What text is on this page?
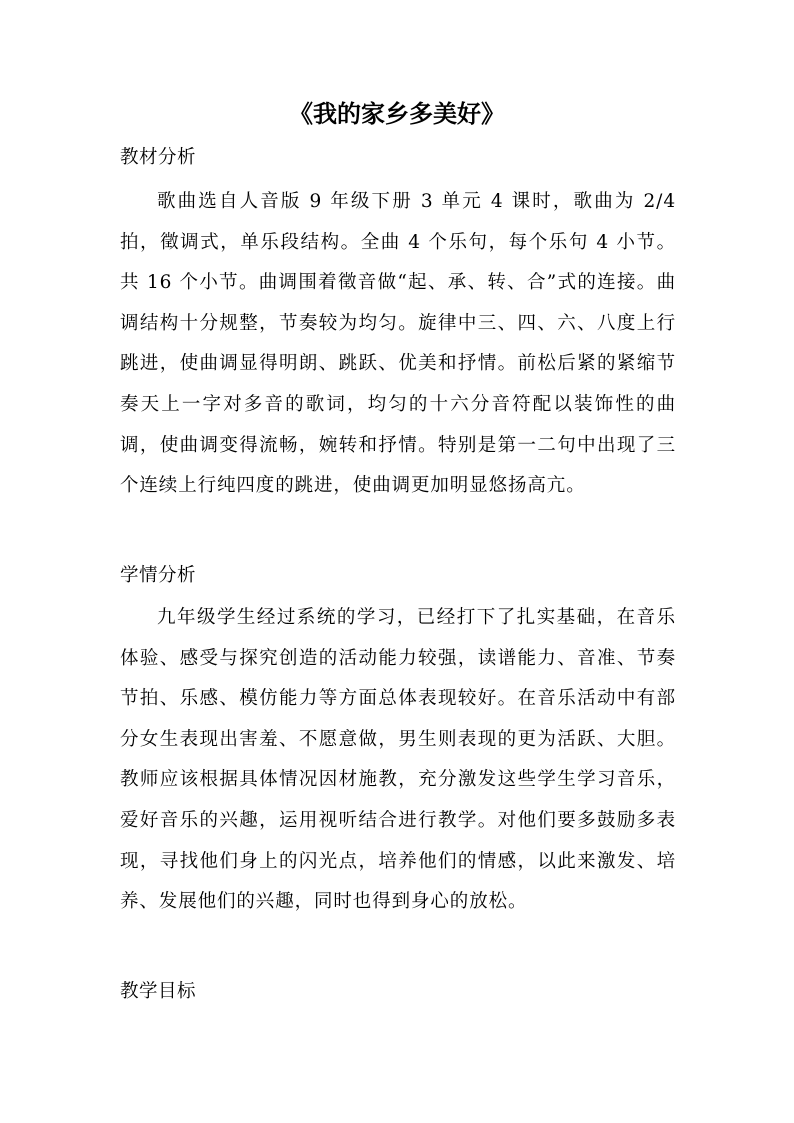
《我的家乡多美好》
教材分析

歌曲选自人音版 9 年级下册 3 单元 4 课时，歌曲为 2/4 拍，徵调式，单乐段结构。全曲 4 个乐句，每个乐句 4 小节。共 16 个小节。曲调围着徵音做“起、承、转、合”式的连接。曲调结构十分规整，节奏较为均匀。旋律中三、四、六、八度上行跳进，使曲调显得明朗、跳跃、优美和抒情。前松后紧的紧缩节奏天上一字对多音的歌词，均匀的十六分音符配以装饰性的曲调，使曲调变得流畅，婉转和抒情。特别是第一二句中出现了三个连续上行纯四度的跳进，使曲调更加明显悠扬高亢。

学情分析

九年级学生经过系统的学习，已经打下了扎实基础，在音乐体验、感受与探究创造的活动能力较强，读谱能力、音准、节奏节拍、乐感、模仿能力等方面总体表现较好。在音乐活动中有部分女生表现出害羞、不愿意做，男生则表现的更为活跃、大胆。教师应该根据具体情况因材施教，充分激发这些学生学习音乐，爱好音乐的兴趣，运用视听结合进行教学。对他们要多鼓励多表现，寻找他们身上的闪光点，培养他们的情感，以此来激发、培养、发展他们的兴趣，同时也得到身心的放松。

教学目标
